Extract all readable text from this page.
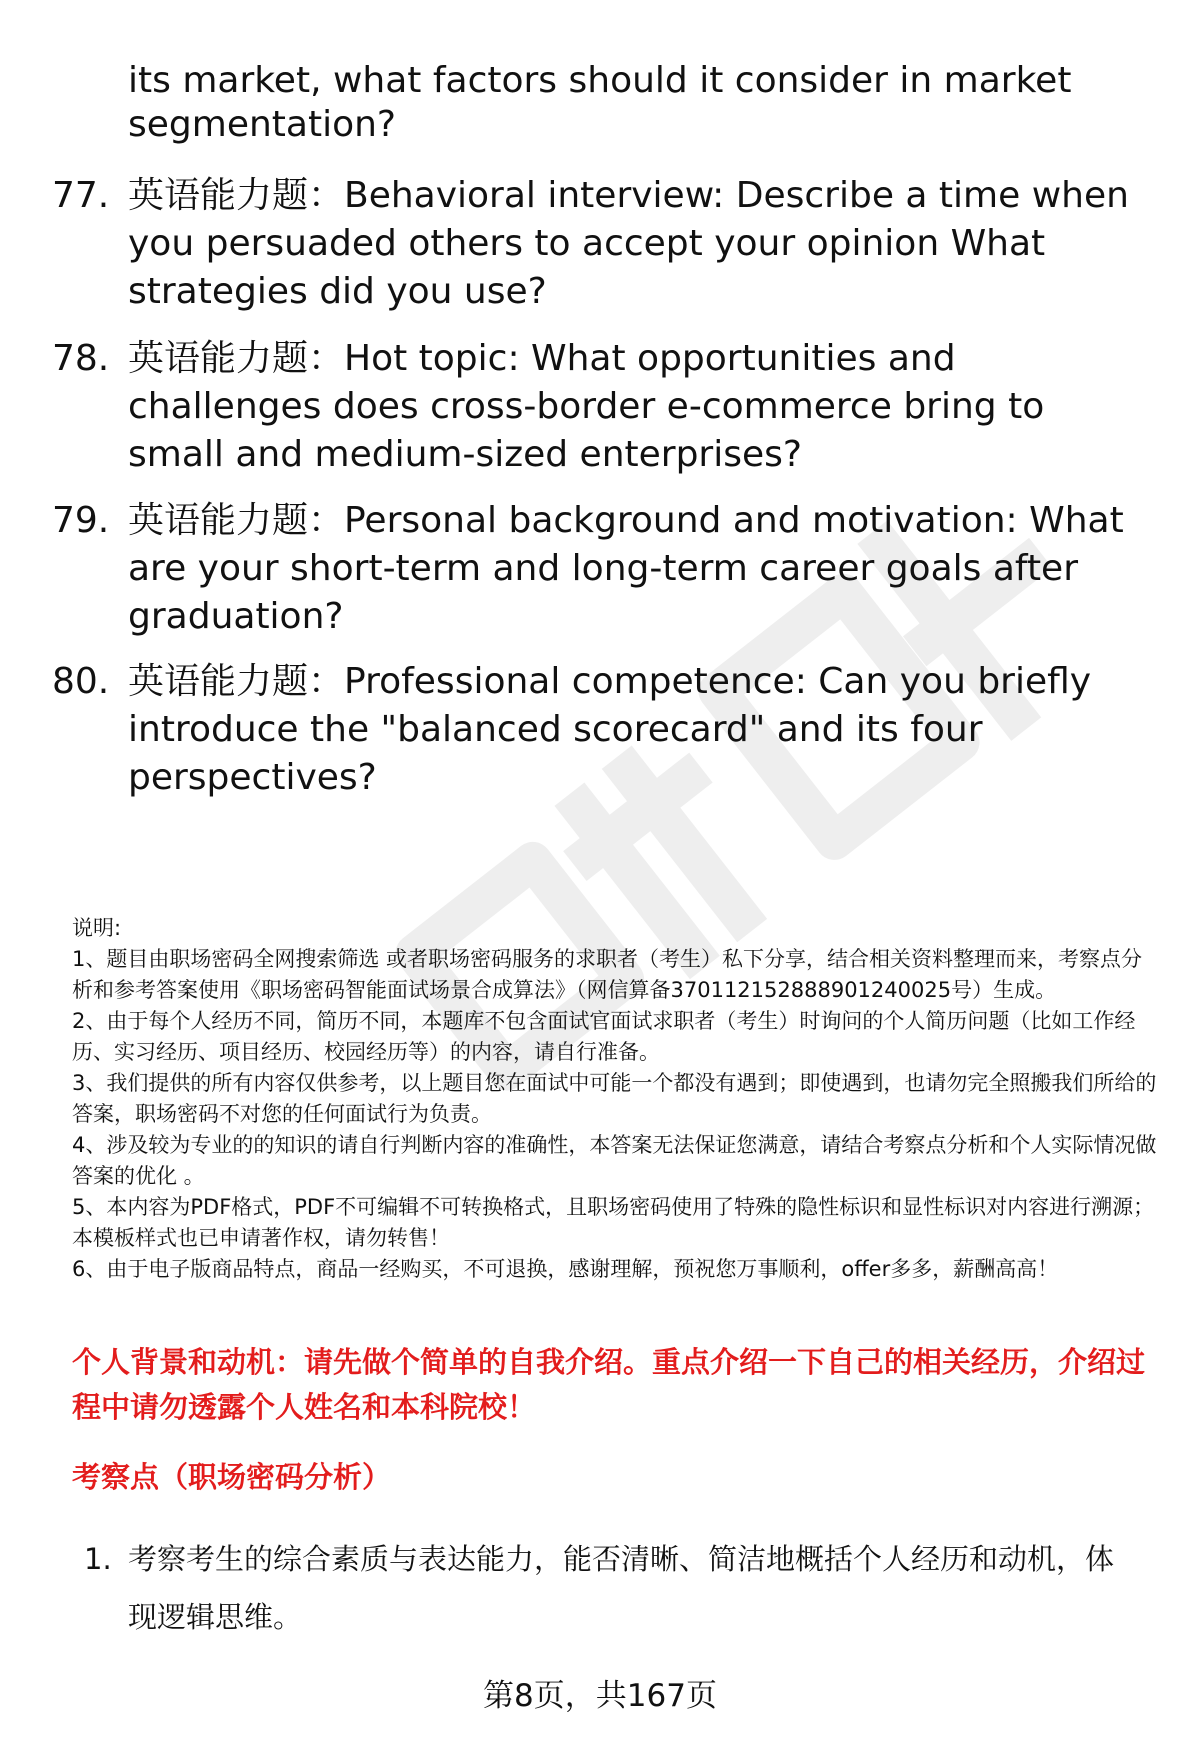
its market, what factors should it consider in market
segmentation?
77. 英语能力题：Behavioral interview: Describe a time when you persuaded others to accept your opinion What strategies did you use?
78. 英语能力题：Hot topic: What opportunities and challenges does cross-border e-commerce bring to small and medium-sized enterprises?
79. 英语能力题：Personal background and motivation: What are your short-term and long-term career goals after graduation?
80. 英语能力题：Professional competence: Can you briefly introduce the "balanced scorecard" and its four perspectives?

说明:

1、题目由职场密码全网搜索筛选 或者职场密码服务的求职者（考生）私下分享，结合相关资料整理而来，考察点分析和参考答案使用《职场密码智能面试场景合成算法》（网信算备370112152888901240025号）生成。

2、由于每个人经历不同，简历不同，本题库不包含面试官面试求职者（考生）时询问的个人简历问题（比如工作经历、实习经历、项目经历、校园经历等）的内容，请自行准备。

3、我们提供的所有内容仅供参考，以上题目您在面试中可能一个都没有遇到；即使遇到，也请勿完全照搬我们所给的答案，职场密码不对您的任何面试行为负责。

4、涉及较为专业的的知识的请自行判断内容的准确性，本答案无法保证您满意，请结合考察点分析和个人实际情况做答案的优化 。

5、本内容为PDF格式，PDF不可编辑不可转换格式，且职场密码使用了特殊的隐性标识和显性标识对内容进行溯源；本模板样式也已申请著作权，请勿转售！

6、由于电子版商品特点，商品一经购买，不可退换，感谢理解，预祝您万事顺利，offer多多，薪酬高高！

个人背景和动机：请先做个简单的自我介绍。重点介绍一下自己的相关经历，介绍过程中请勿透露个人姓名和本科院校！
考察点（职场密码分析）
1. 考察考生的综合素质与表达能力，能否清晰、简洁地概括个人经历和动机，体现逻辑思维。
第8页，共167页
